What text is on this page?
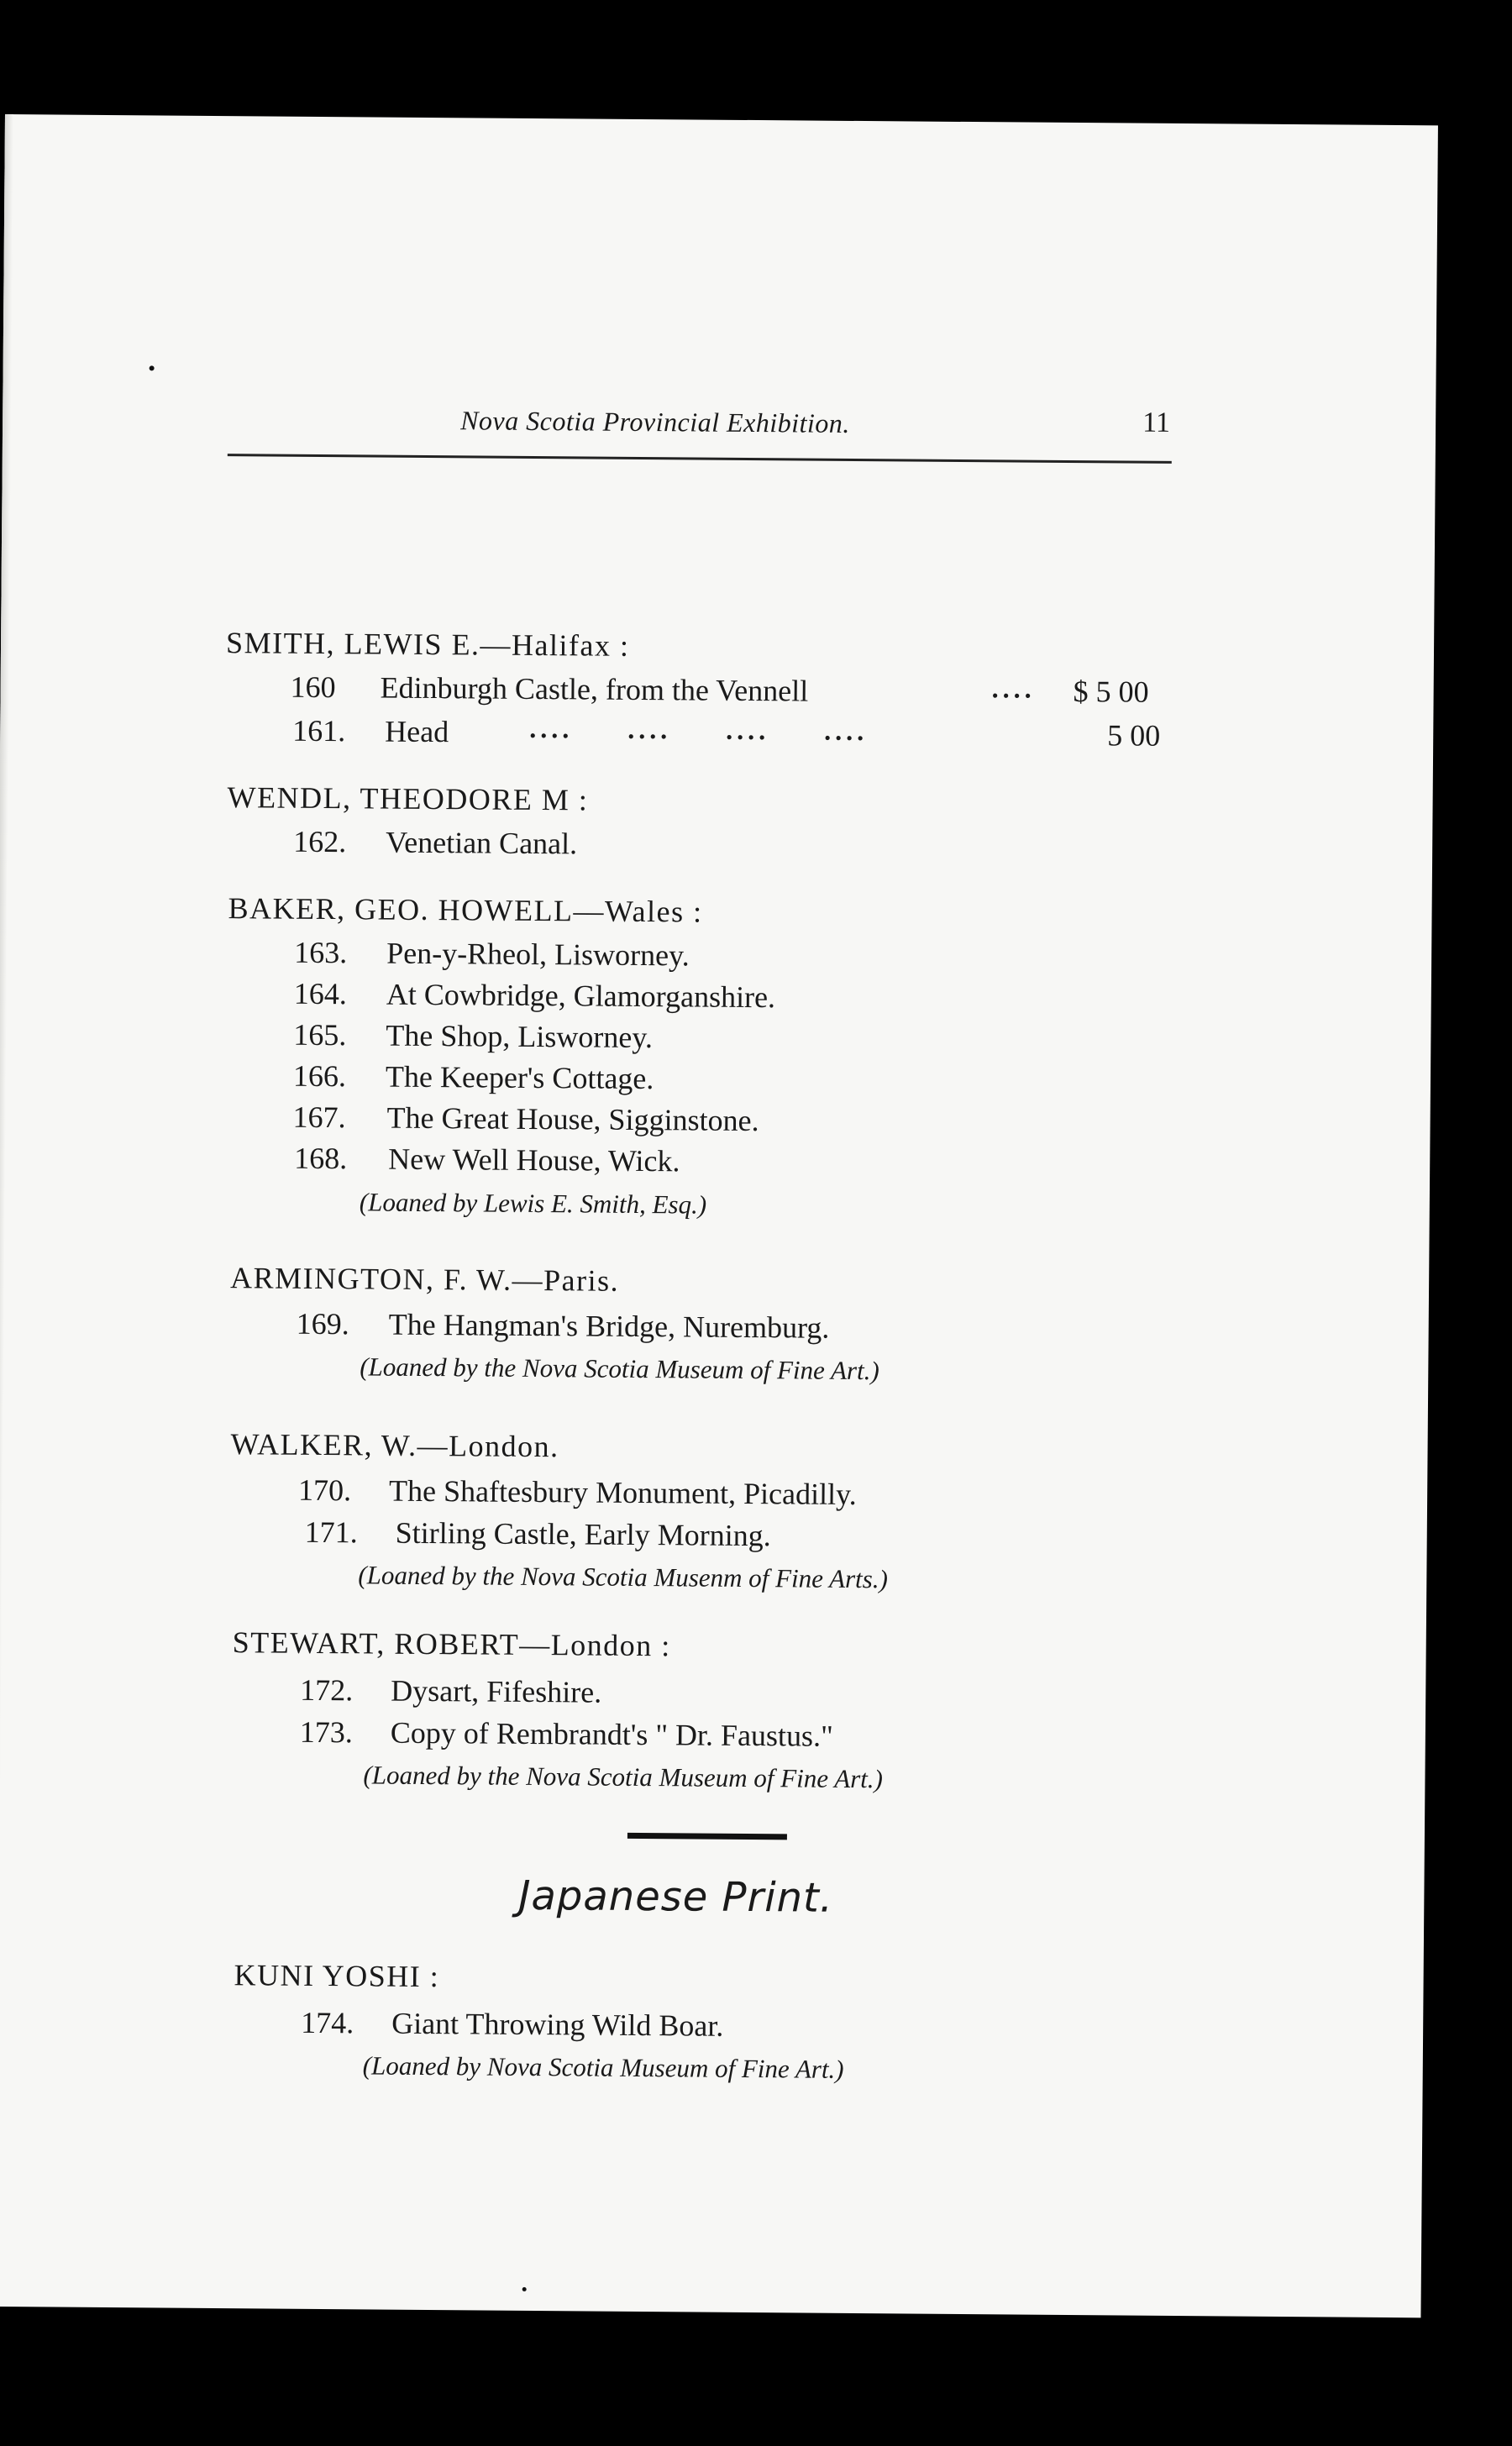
Nova Scotia Provincial Exhibition.	11
SMITH, LEWIS E.—Halifax :
160 Edinburgh Castle, from the Vennell	.... $ 5 00
161. Head	....     ....     ....     ....	5 00
WENDL, THEODORE M :
162. Venetian Canal.
BAKER, GEO. HOWELL—Wales :
163. Pen-y-Rheol, Lisworney.
164. At Cowbridge, Glamorganshire.
165. The Shop, Lisworney.
166. The Keeper's Cottage.
167. The Great House, Sigginstone.
168. New Well House, Wick.
(Loaned by Lewis E. Smith, Esq.)
ARMINGTON, F. W.—Paris.
169. The Hangman's Bridge, Nuremburg.
(Loaned by the Nova Scotia Museum of Fine Art.)
WALKER, W.—London.
170. The Shaftesbury Monument, Picadilly.
171. Stirling Castle, Early Morning.
(Loaned by the Nova Scotia Musenm of Fine Arts.)
STEWART, ROBERT—London :
172. Dysart, Fifeshire.
173. Copy of Rembrandt's " Dr. Faustus."
(Loaned by the Nova Scotia Museum of Fine Art.)
Japanese Print.
KUNI YOSHI :
174. Giant Throwing Wild Boar.
(Loaned by Nova Scotia Museum of Fine Art.)
